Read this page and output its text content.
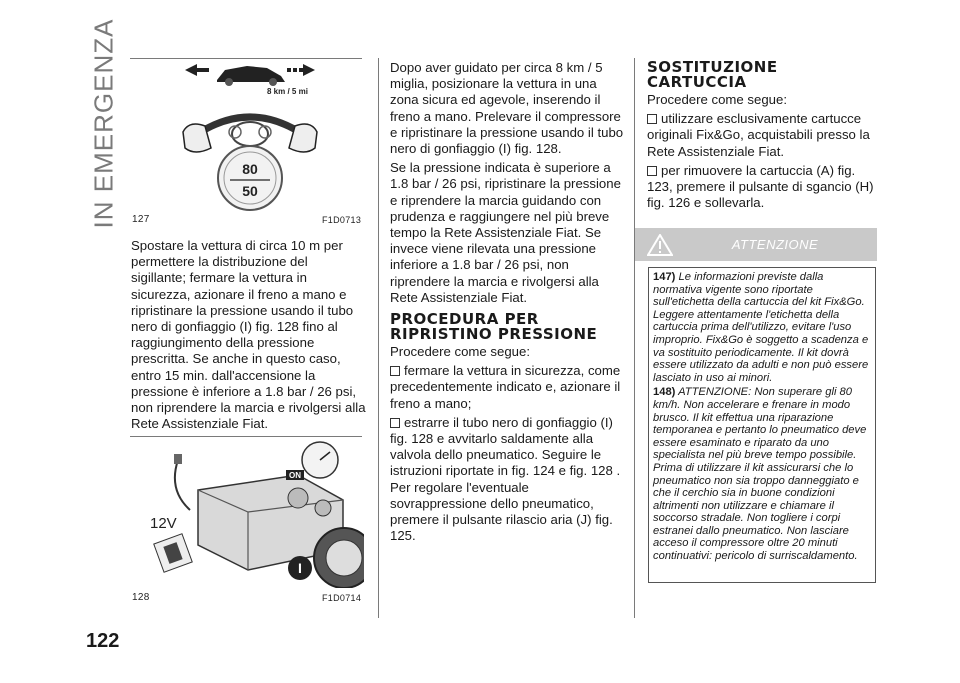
IN EMERGENZA	8 km / 5 mi
80
50
127	F1D0713

Spostare la vettura di circa 10 m per permettere la distribuzione del sigillante; fermare la vettura in sicurezza, azionare il freno a mano e ripristinare la pressione usando il tubo nero di gonfiaggio (I) fig. 128 fino al raggiungimento della pressione prescritta. Se anche in questo caso, entro 15 min. dall'accensione la pressione è inferiore a 1.8 bar / 26 psi, non riprendere la marcia e rivolgersi alla Rete Assistenziale Fiat.

ON
12V
I
128	F1D0714

Dopo aver guidato per circa 8 km / 5 miglia, posizionare la vettura in una zona sicura ed agevole, inserendo il freno a mano. Prelevare il compressore e ripristinare la pressione usando il tubo nero di gonfiaggio (I) fig. 128.

Se la pressione indicata è superiore a 1.8 bar / 26 psi, ripristinare la pressione e riprendere la marcia guidando con prudenza e raggiungere nel più breve tempo la Rete Assistenziale Fiat. Se invece viene rilevata una pressione inferiore a 1.8 bar / 26 psi, non riprendere la marcia e rivolgersi alla Rete Assistenziale Fiat.

PROCEDURA PER RIPRISTINO PRESSIONE

Procedere come segue:

fermare la vettura in sicurezza, come precedentemente indicato e, azionare il freno a mano;

estrarre il tubo nero di gonfiaggio (I) fig. 128 e avvitarlo saldamente alla valvola dello pneumatico. Seguire le istruzioni riportate in fig. 124 e fig. 128 . Per regolare l'eventuale sovrappressione dello pneumatico, premere il pulsante rilascio aria (J) fig. 125.

SOSTITUZIONE CARTUCCIA

Procedere come segue:

utilizzare esclusivamente cartucce originali Fix&Go, acquistabili presso la Rete Assistenziale Fiat.

per rimuovere la cartuccia (A) fig. 123, premere il pulsante di sgancio (H) fig. 126 e sollevarla.

ATTENZIONE

147) Le informazioni previste dalla normativa vigente sono riportate sull'etichetta della cartuccia del kit Fix&Go. Leggere attentamente l'etichetta della cartuccia prima dell'utilizzo, evitare l'uso improprio. Fix&Go è soggetto a scadenza e va sostituito periodicamente. Il kit dovrà essere utilizzato da adulti e non può essere lasciato in uso ai minori.

148) ATTENZIONE: Non superare gli 80 km/h. Non accelerare e frenare in modo brusco. Il kit effettua una riparazione temporanea e pertanto lo pneumatico deve essere esaminato e riparato da uno specialista nel più breve tempo possibile. Prima di utilizzare il kit assicurarsi che lo pneumatico non sia troppo danneggiato e che il cerchio sia in buone condizioni altrimenti non utilizzare e chiamare il soccorso stradale. Non togliere i corpi estranei dallo pneumatico. Non lasciare acceso il compressore oltre 20 minuti continuativi: pericolo di surriscaldamento.

122
